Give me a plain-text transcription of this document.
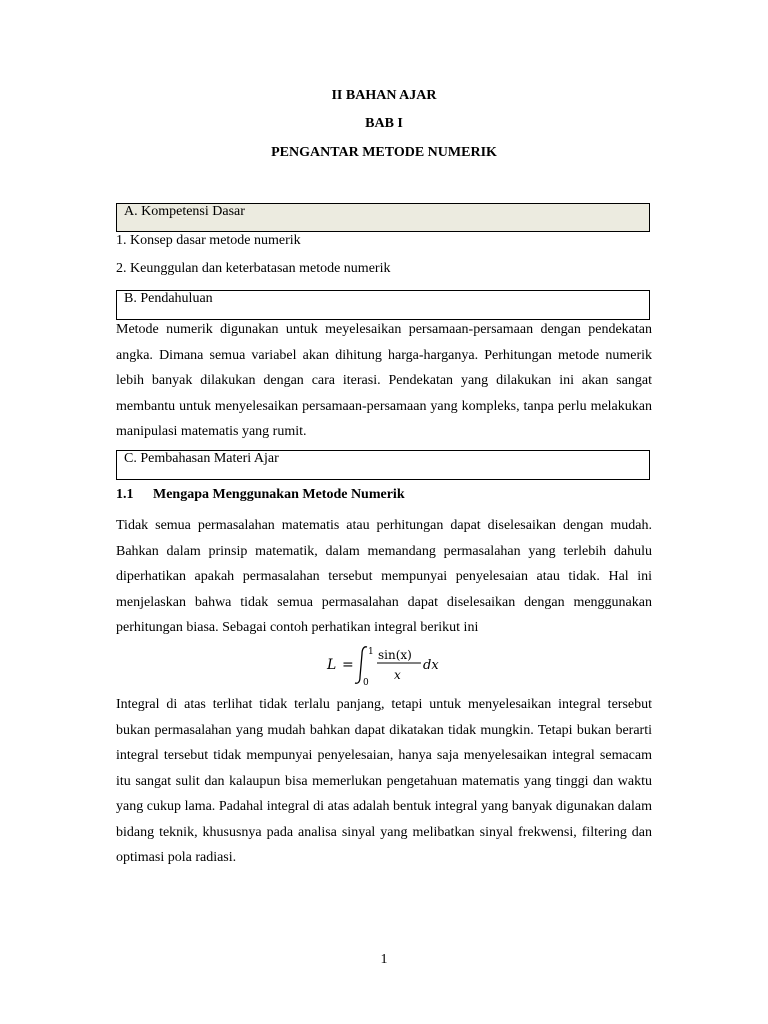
II BAHAN AJAR
BAB I
PENGANTAR METODE NUMERIK
A. Kompetensi Dasar
1. Konsep dasar metode numerik
2. Keunggulan dan keterbatasan metode numerik
B. Pendahuluan

Metode numerik digunakan untuk meyelesaikan persamaan-persamaan dengan pendekatan angka. Dimana semua variabel akan dihitung harga-harganya. Perhitungan metode numerik lebih banyak dilakukan dengan cara iterasi. Pendekatan yang dilakukan ini akan sangat membantu untuk menyelesaikan persamaan-persamaan yang kompleks, tanpa perlu melakukan manipulasi matematis yang rumit.

C. Pembahasan Materi Ajar
1.1 Mengapa Menggunakan Metode Numerik

Tidak semua permasalahan matematis atau perhitungan dapat diselesaikan dengan mudah. Bahkan dalam prinsip matematik, dalam memandang permasalahan yang terlebih dahulu diperhatikan apakah permasalahan tersebut mempunyai penyelesaian atau tidak. Hal ini menjelaskan bahwa tidak semua permasalahan dapat diselesaikan dengan menggunakan perhitungan biasa. Sebagai contoh perhatikan integral berikut ini

L =
1
0
sin(x)
x
dx

Integral di atas terlihat tidak terlalu panjang, tetapi untuk menyelesaikan integral tersebut bukan permasalahan yang mudah bahkan dapat dikatakan tidak mungkin. Tetapi bukan berarti integral tersebut tidak mempunyai penyelesaian, hanya saja menyelesaikan integral semacam itu sangat sulit dan kalaupun bisa memerlukan pengetahuan matematis yang tinggi dan waktu yang cukup lama. Padahal integral di atas adalah bentuk integral yang banyak digunakan dalam bidang teknik, khususnya pada analisa sinyal yang melibatkan sinyal frekwensi, filtering dan optimasi pola radiasi.

1
